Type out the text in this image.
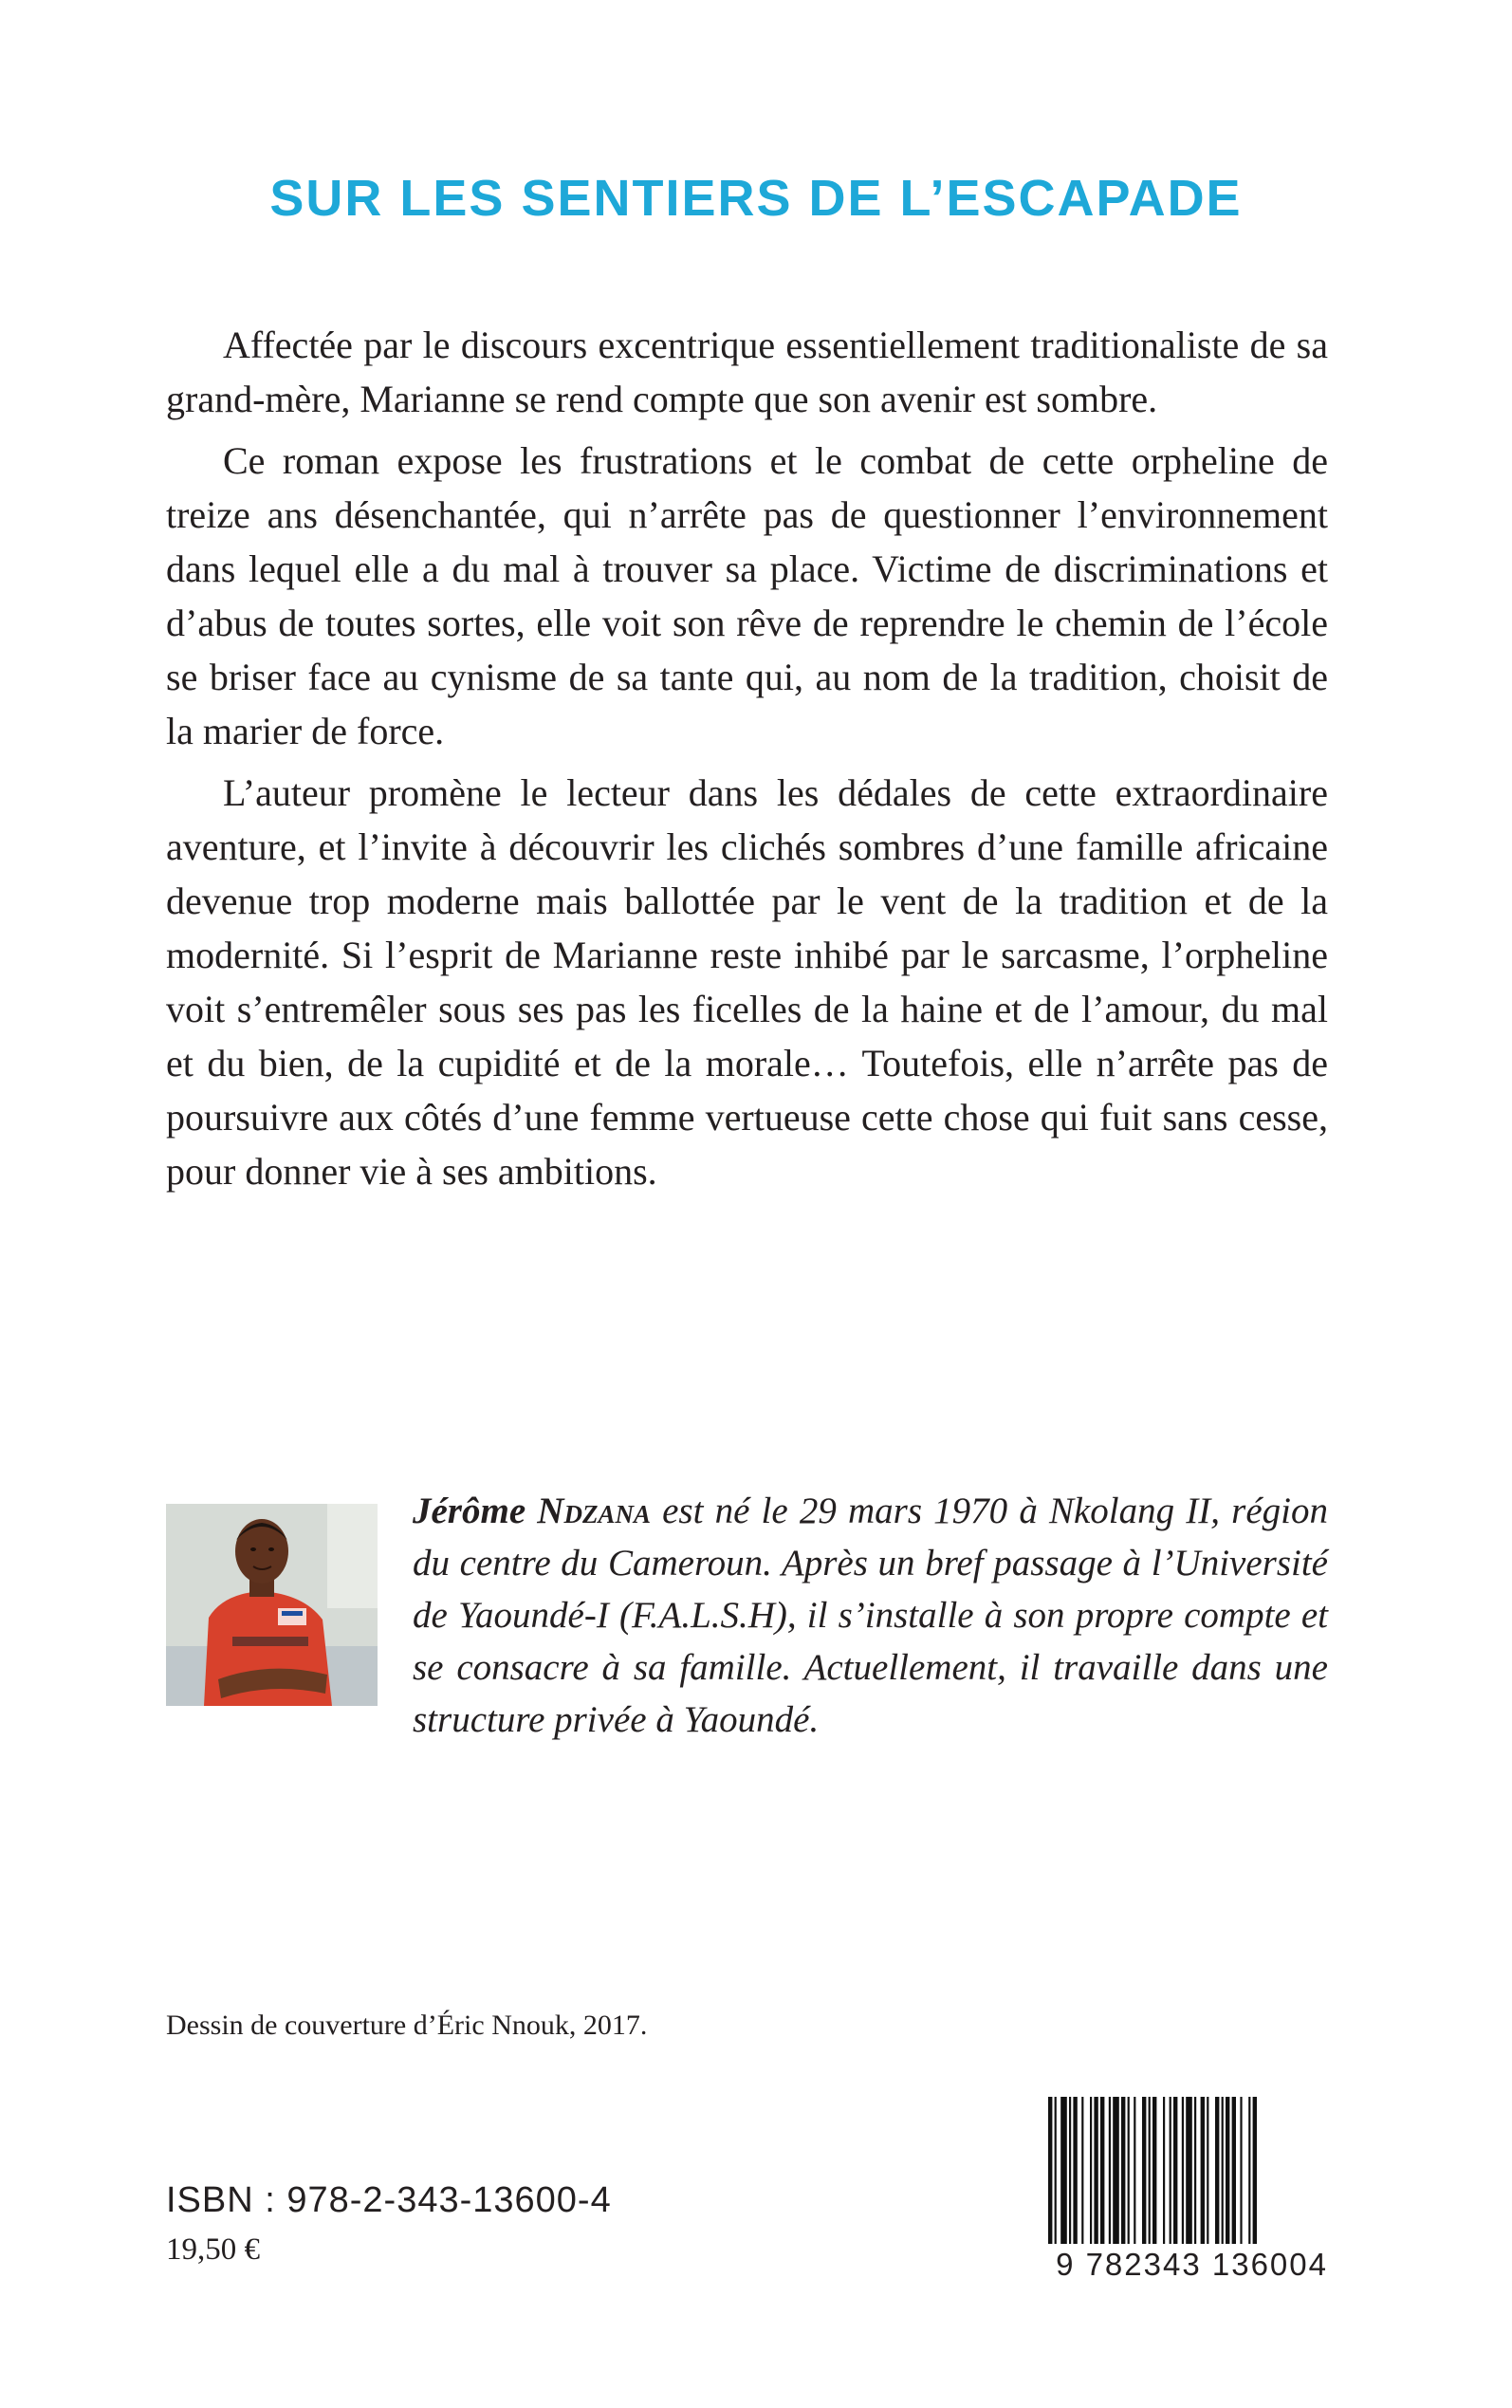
SUR LES SENTIERS DE L’ESCAPADE

Affectée par le discours excentrique essentiellement traditionaliste de sa grand-mère, Marianne se rend compte que son avenir est sombre.

Ce roman expose les frustrations et le combat de cette orpheline de treize ans désenchantée, qui n’arrête pas de questionner l’environnement dans lequel elle a du mal à trouver sa place. Victime de discriminations et d’abus de toutes sortes, elle voit son rêve de reprendre le chemin de l’école se briser face au cynisme de sa tante qui, au nom de la tradition, choisit de la marier de force.

L’auteur promène le lecteur dans les dédales de cette extraordinaire aventure, et l’invite à découvrir les clichés sombres d’une famille africaine devenue trop moderne mais ballottée par le vent de la tradition et de la modernité. Si l’esprit de Marianne reste inhibé par le sarcasme, l’orpheline voit s’entremêler sous ses pas les ficelles de la haine et de l’amour, du mal et du bien, de la cupidité et de la morale… Toutefois, elle n’arrête pas de poursuivre aux côtés d’une femme vertueuse cette chose qui fuit sans cesse, pour donner vie à ses ambitions.

Jérôme Ndzana est né le 29 mars 1970 à Nkolang II, région du centre du Cameroun. Après un bref passage à l’Université de Yaoundé-I (F.A.L.S.H), il s’installe à son propre compte et se consacre à sa famille. Actuellement, il travaille dans une structure privée à Yaoundé.
Dessin de couverture d’Éric Nnouk, 2017.
ISBN : 978-2-343-13600-4
19,50 €	9 782343 136004
